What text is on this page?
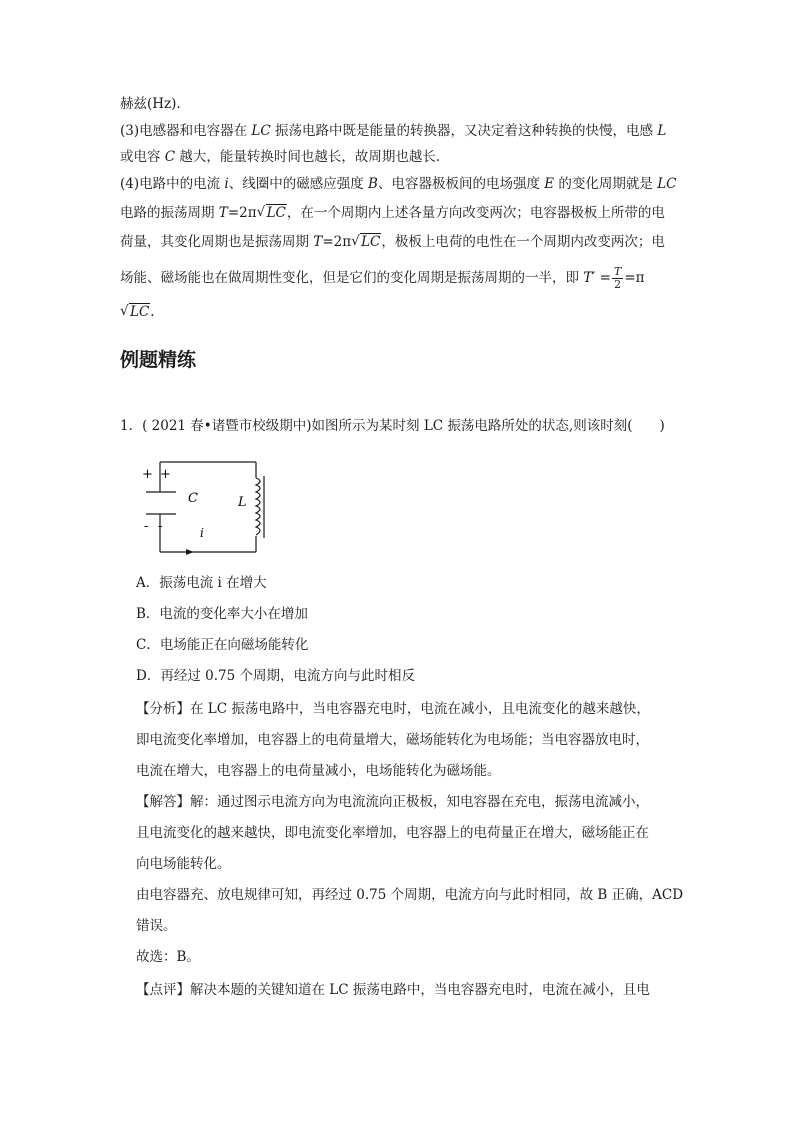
赫兹(Hz).
(3)电感器和电容器在 LC 振荡电路中既是能量的转换器，又决定着这种转换的快慢，电感 L
或电容 C 越大，能量转换时间也越长，故周期也越长.
(4)电路中的电流 i、线圈中的磁感应强度 B、电容器极板间的电场强度 E 的变化周期就是 LC
电路的振荡周期 T=2π √ LC，在一个周期内上述各量方向改变两次；电容器极板上所带的电
荷量，其变化周期也是振荡周期 T=2π √ LC，极板上电荷的电性在一个周期内改变两次；电
场能、磁场能也在做周期性变化，但是它们的变化周期是振荡周期的一半，即 $T' = \frac{T}{2} =\pi$
√ LC.
例题精练
1．( 2021 春•诸暨市校级期中)如图所示为某时刻 LC 振荡电路所处的状态,则该时刻(　　)
+ +
- -
C	L
i
A．振荡电流 i 在增大
B．电流的变化率大小在增加
C．电场能正在向磁场能转化
D．再经过 0.75 个周期，电流方向与此时相反
【分析】在 LC 振荡电路中，当电容器充电时，电流在减小，且电流变化的越来越快，
即电流变化率增加，电容器上的电荷量增大，磁场能转化为电场能；当电容器放电时，
电流在增大，电容器上的电荷量减小，电场能转化为磁场能。
【解答】解：通过图示电流方向为电流流向正极板，知电容器在充电，振荡电流减小，
且电流变化的越来越快，即电流变化率增加，电容器上的电荷量正在增大，磁场能正在
向电场能转化。
由电容器充、放电规律可知，再经过 0.75 个周期，电流方向与此时相同，故 B 正确，ACD
错误。
故选：B。
【点评】解决本题的关键知道在 LC 振荡电路中，当电容器充电时，电流在减小，且电
